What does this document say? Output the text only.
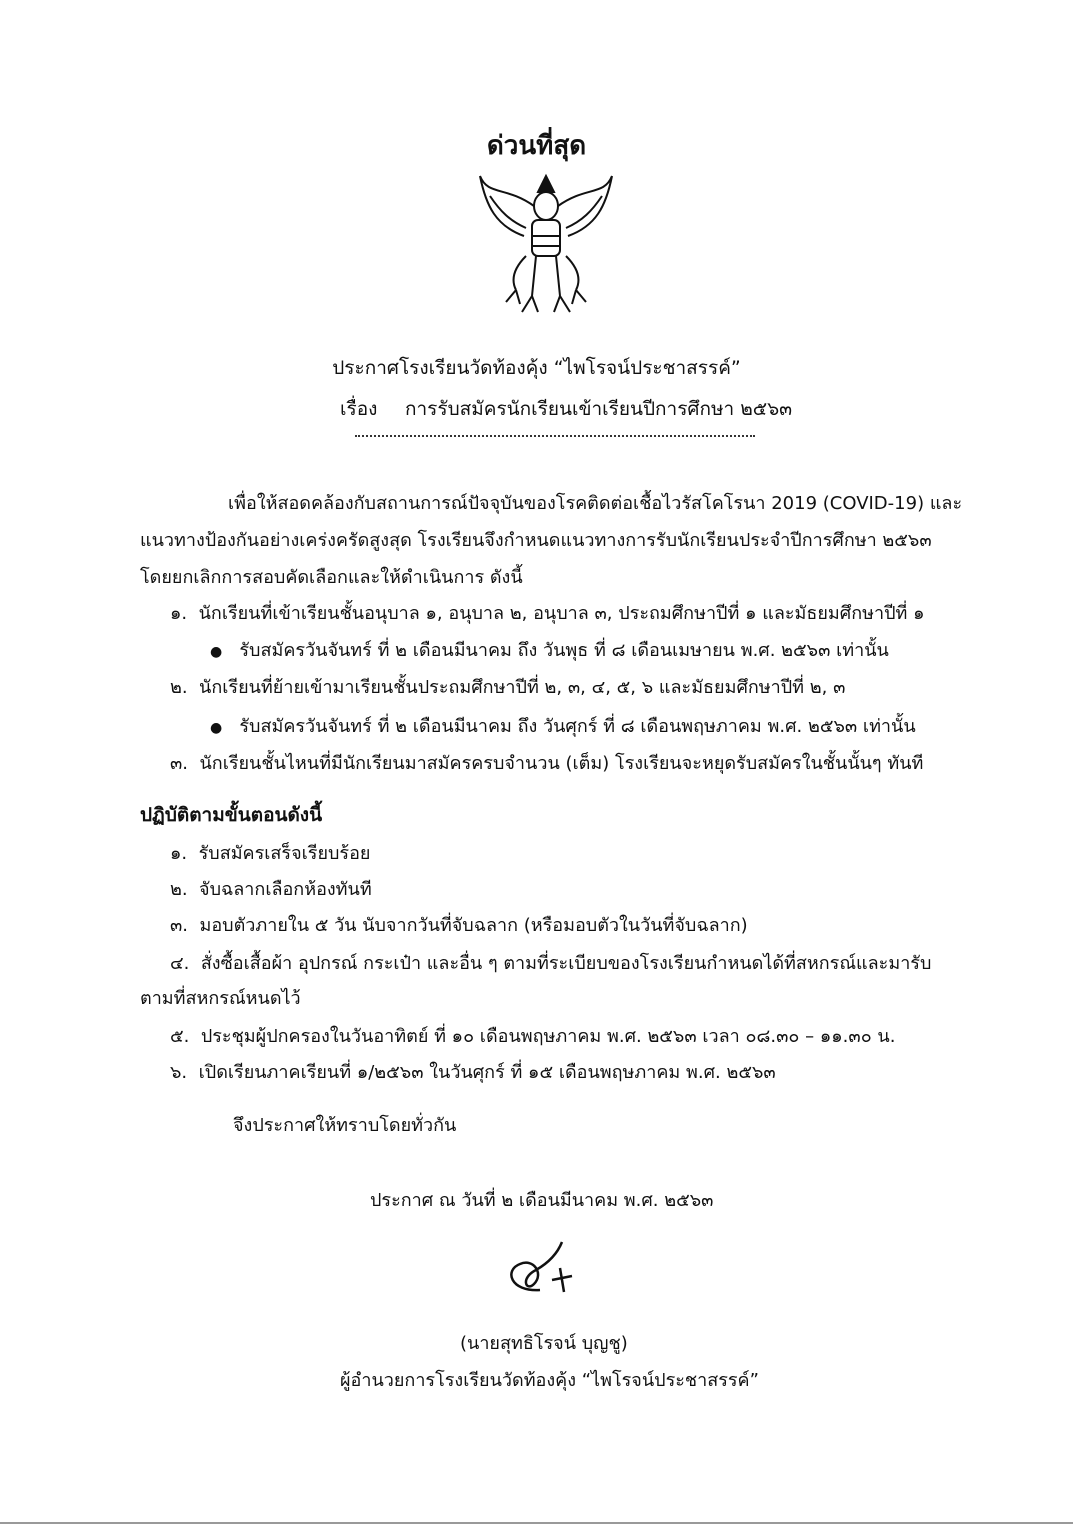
ด่วนที่สุด
ประกาศโรงเรียนวัดท้องคุ้ง “ไพโรจน์ประชาสรรค์”
เรื่อง การรับสมัครนักเรียนเข้าเรียนปีการศึกษา ๒๕๖๓
เพื่อให้สอดคล้องกับสถานการณ์ปัจจุบันของโรคติดต่อเชื้อไวรัสโคโรนา 2019 (COVID-19) และ
แนวทางป้องกันอย่างเคร่งครัดสูงสุด โรงเรียนจึงกำหนดแนวทางการรับนักเรียนประจำปีการศึกษา ๒๕๖๓
โดยยกเลิกการสอบคัดเลือกและให้ดำเนินการ ดังนี้
๑. นักเรียนที่เข้าเรียนชั้นอนุบาล ๑, อนุบาล ๒, อนุบาล ๓, ประถมศึกษาปีที่ ๑ และมัธยมศึกษาปีที่ ๑
● รับสมัครวันจันทร์ ที่ ๒ เดือนมีนาคม ถึง วันพุธ ที่ ๘ เดือนเมษายน พ.ศ. ๒๕๖๓ เท่านั้น
๒. นักเรียนที่ย้ายเข้ามาเรียนชั้นประถมศึกษาปีที่ ๒, ๓, ๔, ๕, ๖ และมัธยมศึกษาปีที่ ๒, ๓
● รับสมัครวันจันทร์ ที่ ๒ เดือนมีนาคม ถึง วันศุกร์ ที่ ๘ เดือนพฤษภาคม พ.ศ. ๒๕๖๓ เท่านั้น
๓. นักเรียนชั้นไหนที่มีนักเรียนมาสมัครครบจำนวน (เต็ม) โรงเรียนจะหยุดรับสมัครในชั้นนั้นๆ ทันที
ปฏิบัติตามขั้นตอนดังนี้
๑. รับสมัครเสร็จเรียบร้อย
๒. จับฉลากเลือกห้องทันที
๓. มอบตัวภายใน ๕ วัน นับจากวันที่จับฉลาก (หรือมอบตัวในวันที่จับฉลาก)
๔. สั่งซื้อเสื้อผ้า อุปกรณ์ กระเป๋า และอื่น ๆ ตามที่ระเบียบของโรงเรียนกำหนดได้ที่สหกรณ์และมารับ
ตามที่สหกรณ์หนดไว้
๕. ประชุมผู้ปกครองในวันอาทิตย์ ที่ ๑๐ เดือนพฤษภาคม พ.ศ. ๒๕๖๓ เวลา ๐๘.๓๐ – ๑๑.๓๐ น.
๖. เปิดเรียนภาคเรียนที่ ๑/๒๕๖๓ ในวันศุกร์ ที่ ๑๕ เดือนพฤษภาคม พ.ศ. ๒๕๖๓
จึงประกาศให้ทราบโดยทั่วกัน
ประกาศ ณ วันที่ ๒ เดือนมีนาคม พ.ศ. ๒๕๖๓
(นายสุทธิโรจน์ บุญชู)
ผู้อำนวยการโรงเรียนวัดท้องคุ้ง “ไพโรจน์ประชาสรรค์”
